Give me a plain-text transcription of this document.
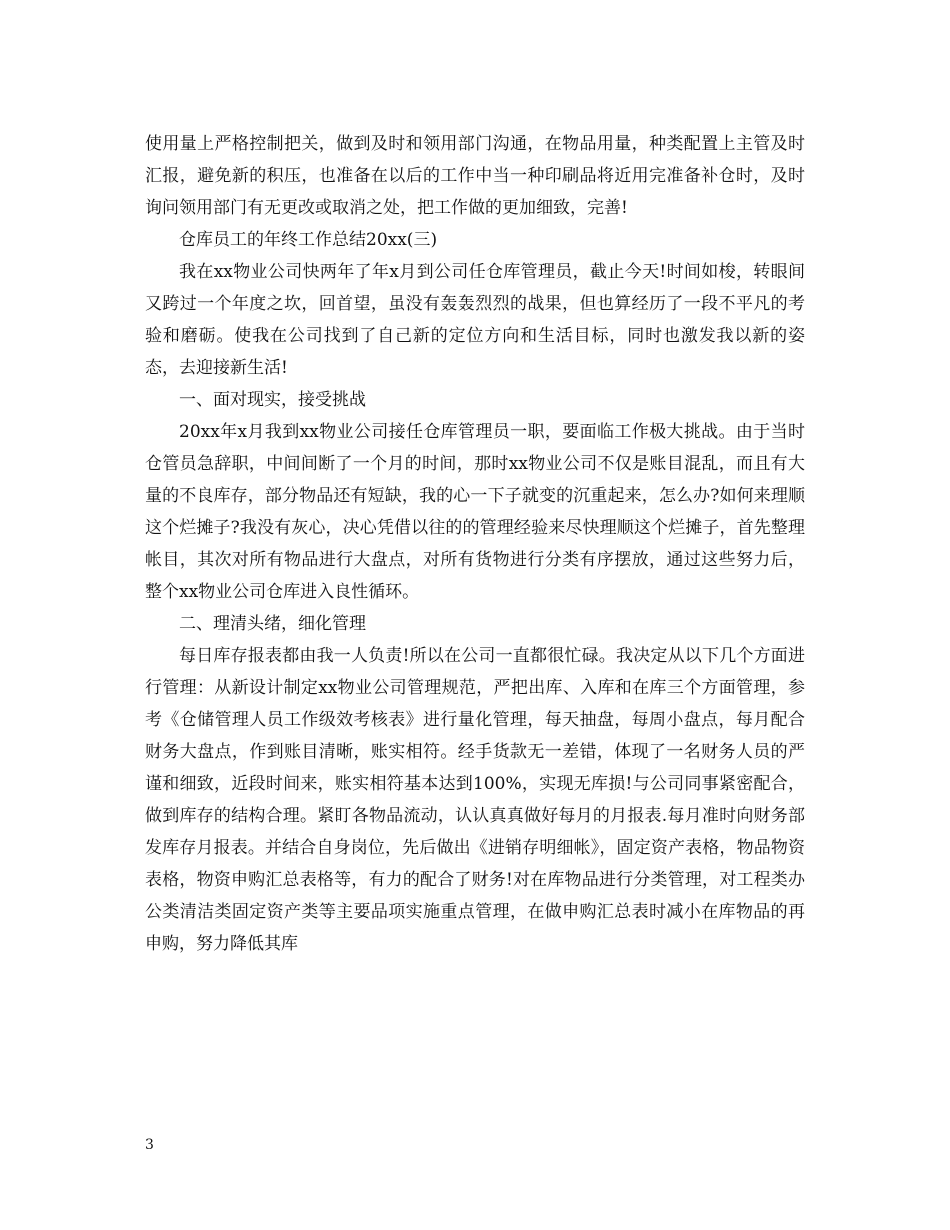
使用量上严格控制把关，做到及时和领用部门沟通，在物品用量，种类配置上主管及时汇报，避免新的积压，也准备在以后的工作中当一种印刷品将近用完准备补仓时，及时询问领用部门有无更改或取消之处，把工作做的更加细致，完善!

仓库员工的年终工作总结20xx(三)

我在xx物业公司快两年了年x月到公司任仓库管理员，截止今天!时间如梭，转眼间又跨过一个年度之坎，回首望，虽没有轰轰烈烈的战果，但也算经历了一段不平凡的考验和磨砺。使我在公司找到了自己新的定位方向和生活目标，同时也激发我以新的姿态，去迎接新生活!

一、面对现实，接受挑战

20xx年x月我到xx物业公司接任仓库管理员一职，要面临工作极大挑战。由于当时仓管员急辞职，中间间断了一个月的时间，那时xx物业公司不仅是账目混乱，而且有大量的不良库存，部分物品还有短缺，我的心一下子就变的沉重起来，怎么办?如何来理顺这个烂摊子?我没有灰心，决心凭借以往的的管理经验来尽快理顺这个烂摊子，首先整理帐目，其次对所有物品进行大盘点，对所有货物进行分类有序摆放，通过这些努力后，整个xx物业公司仓库进入良性循环。

二、理清头绪，细化管理

每日库存报表都由我一人负责!所以在公司一直都很忙碌。我决定从以下几个方面进行管理：从新设计制定xx物业公司管理规范，严把出库、入库和在库三个方面管理，参考《仓储管理人员工作级效考核表》进行量化管理，每天抽盘，每周小盘点，每月配合财务大盘点，作到账目清晰，账实相符。经手货款无一差错，体现了一名财务人员的严谨和细致，近段时间来，账实相符基本达到100%，实现无库损!与公司同事紧密配合，做到库存的结构合理。紧盯各物品流动，认认真真做好每月的月报表.每月准时向财务部发库存月报表。并结合自身岗位，先后做出《进销存明细帐》，固定资产表格，物品物资表格，物资申购汇总表格等，有力的配合了财务!对在库物品进行分类管理，对工程类办公类清洁类固定资产类等主要品项实施重点管理，在做申购汇总表时减小在库物品的再申购，努力降低其库

3
